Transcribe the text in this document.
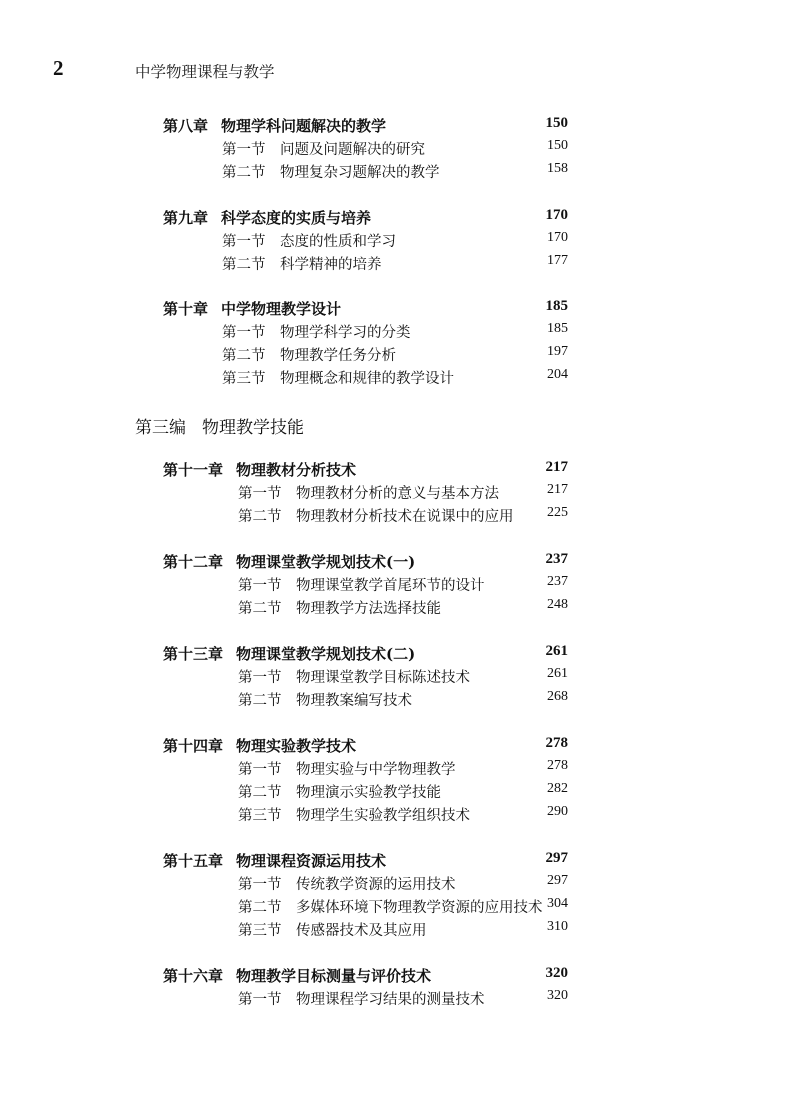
2	中学物理课程与教学
第八章 物理学科问题解决的教学	150
第一节	问题及问题解决的研究	150
第二节	物理复杂习题解决的教学	158
第九章 科学态度的实质与培养	170
第一节	态度的性质和学习	170
第二节	科学精神的培养	177
第十章 中学物理教学设计	185
第一节	物理学科学习的分类	185
第二节	物理教学任务分析	197
第三节	物理概念和规律的教学设计	204
第十一章 物理教材分析技术	217
第一节	物理教材分析的意义与基本方法	217
第二节	物理教材分析技术在说课中的应用 225
第十二章 物理课堂教学规划技术(一)	237
第一节	物理课堂教学首尾环节的设计	237
第二节	物理教学方法选择技能	248
第十三章 物理课堂教学规划技术(二)	261
第一节	物理课堂教学目标陈述技术	261
第二节	物理教案编写技术	268
第十四章 物理实验教学技术	278
第一节	物理实验与中学物理教学	278
第二节	物理演示实验教学技能	282
第三节	物理学生实验教学组织技术	290
第十五章 物理课程资源运用技术	297
第一节	传统教学资源的运用技术	297
第二节	多媒体环境下物理教学资源的应用技术 304
第三节	传感器技术及其应用	310
第十六章 物理教学目标测量与评价技术	320
第一节	物理课程学习结果的测量技术	320
第三编 物理教学技能
